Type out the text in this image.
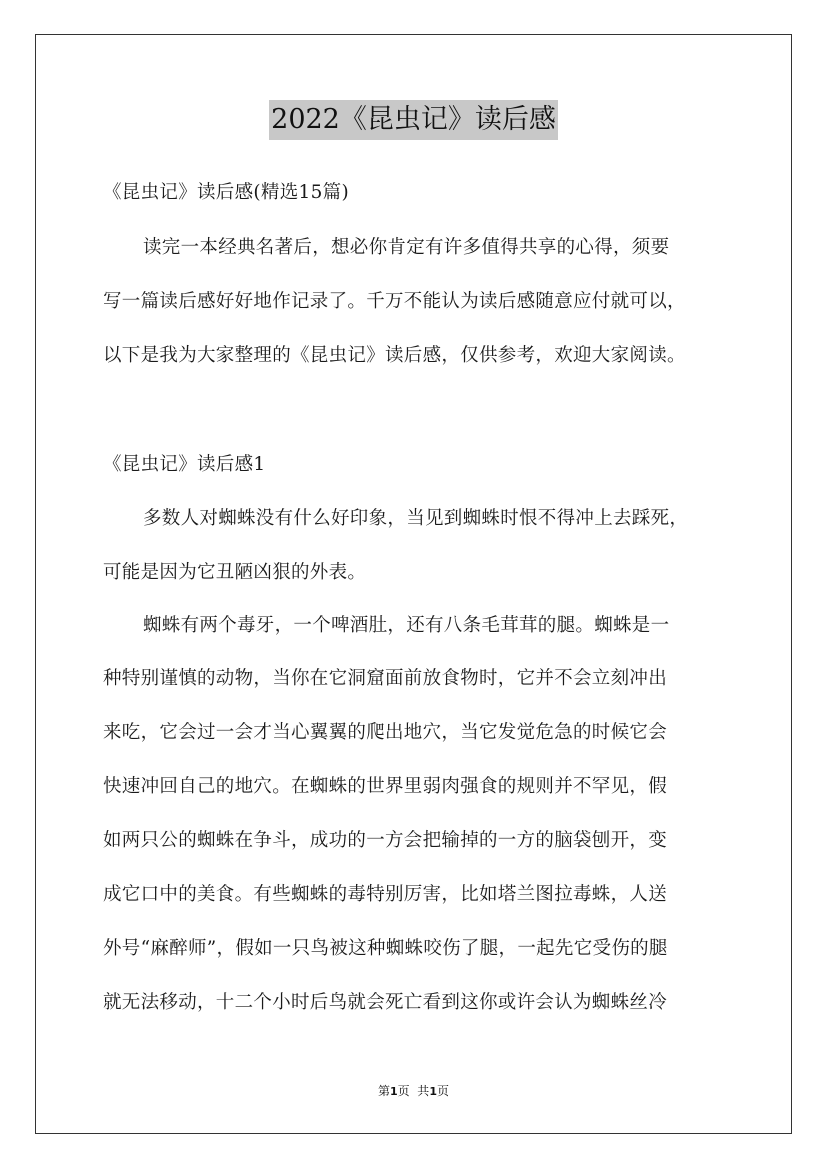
2022《昆虫记》读后感
《昆虫记》读后感(精选15篇)
读完一本经典名著后，想必你肯定有许多值得共享的心得，须要
写一篇读后感好好地作记录了。千万不能认为读后感随意应付就可以，
以下是我为大家整理的《昆虫记》读后感，仅供参考，欢迎大家阅读。
《昆虫记》读后感1
多数人对蜘蛛没有什么好印象，当见到蜘蛛时恨不得冲上去踩死，
可能是因为它丑陋凶狠的外表。
蜘蛛有两个毒牙，一个啤酒肚，还有八条毛茸茸的腿。蜘蛛是一
种特别谨慎的动物，当你在它洞窟面前放食物时，它并不会立刻冲出
来吃，它会过一会才当心翼翼的爬出地穴，当它发觉危急的时候它会
快速冲回自己的地穴。在蜘蛛的世界里弱肉强食的规则并不罕见，假
如两只公的蜘蛛在争斗，成功的一方会把输掉的一方的脑袋刨开，变
成它口中的美食。有些蜘蛛的毒特别厉害，比如塔兰图拉毒蛛，人送
外号“麻醉师”，假如一只鸟被这种蜘蛛咬伤了腿，一起先它受伤的腿
就无法移动，十二个小时后鸟就会死亡看到这你或许会认为蜘蛛丝冷
第1页  共1页
